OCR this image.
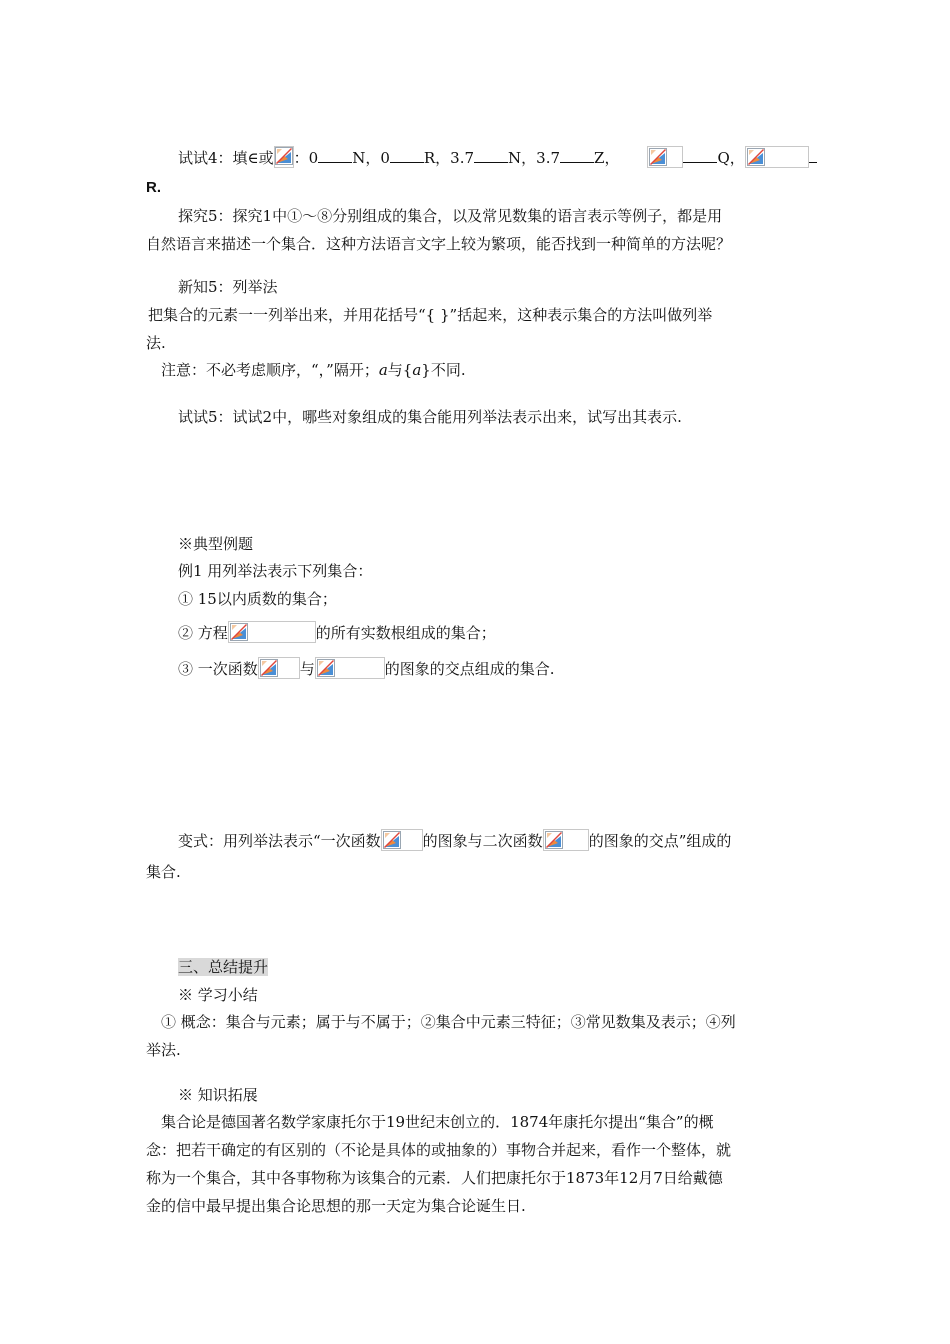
试试4：填∈或 ：0 N，0 R，3.7 N，3.7 Z，	Q，
R.
探究5：探究1中①～⑧分别组成的集合，以及常见数集的语言表示等例子，都是用
自然语言来描述一个集合．这种方法语言文字上较为繁项，能否找到一种简单的方法呢？
新知5：列举法
把集合的元素一一列举出来，并用花括号“{ }”括起来，这种表示集合的方法叫做列举
法.
注意：不必考虑顺序，“，”隔开；a与{a}不同.
试试5：试试2中，哪些对象组成的集合能用列举法表示出来，试写出其表示.
※典型例题
例1 用列举法表示下列集合：
① 15以内质数的集合；
② 方程	的所有实数根组成的集合；
③ 一次函数	与	的图象的交点组成的集合.
变式：用列举法表示“一次函数	的图象与二次函数	的图象的交点”组成的
集合.
三、总结提升
※ 学习小结
① 概念：集合与元素；属于与不属于；②集合中元素三特征；③常见数集及表示；④列
举法.
※ 知识拓展
集合论是德国著名数学家康托尔于19世纪末创立的．1874年康托尔提出“集合”的概
念：把若干确定的有区别的（不论是具体的或抽象的）事物合并起来，看作一个整体，就
称为一个集合，其中各事物称为该集合的元素．人们把康托尔于1873年12月7日给戴德
金的信中最早提出集合论思想的那一天定为集合论诞生日.
